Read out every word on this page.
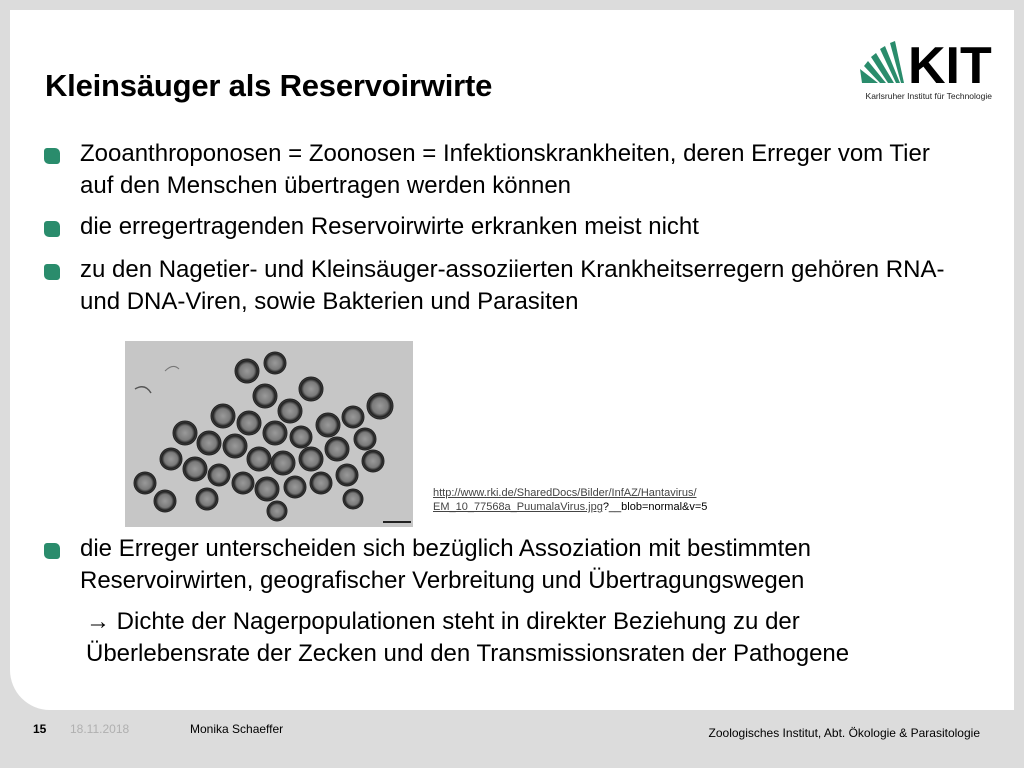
Kleinsäuger als Reservoirwirte	KIT
Karlsruher Institut für Technologie
Zooanthroponosen = Zoonosen = Infektionskrankheiten, deren Erreger vom Tier auf den Menschen übertragen werden können
die erregertragenden Reservoirwirte erkranken meist nicht
zu den Nagetier- und Kleinsäuger-assoziierten Krankheitserregern gehören RNA- und DNA-Viren, sowie Bakterien und Parasiten
http://www.rki.de/SharedDocs/Bilder/InfAZ/Hantavirus/
EM_10_77568a_PuumalaVirus.jpg?__blob=normal&v=5
die Erreger unterscheiden sich bezüglich Assoziation mit bestimmten Reservoirwirten, geografischer Verbreitung und Übertragungswegen
→ Dichte der Nagerpopulationen steht in direkter Beziehung zu der Überlebensrate der Zecken und den Transmissionsraten der Pathogene
15 18.11.2018	Monika Schaeffer	Zoologisches Institut, Abt. Ökologie & Parasitologie
